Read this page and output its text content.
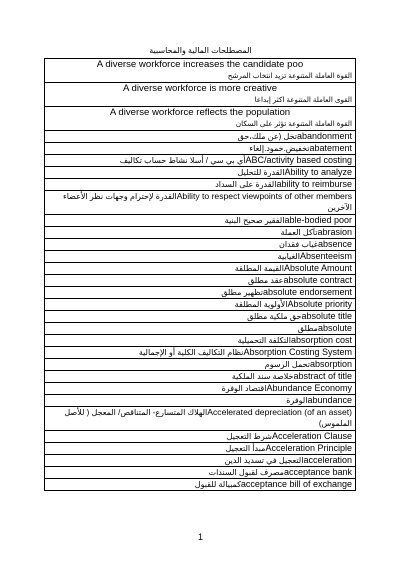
المصطلحات المالية والمحاسبية
A diverse workforce increases the candidate poo
القوة العاملة المتنوعة تزيد انتخاب المرشح
A diverse workforce is more creative
القوى العاملة المتنوعة اكثر إبداعا
A diverse workforce reflects the population
القوة العاملة المتنوعة تؤثر على السكان
abandonmentتخل (عن ملك،حق
abatementتخفيض.خمود.إلغاء
ABC/activity based costingأي بي سي / أسلا نشاط حساب تكاليف
Ability to analyzeالقدرة للتحليل
ability to reimburseالقدرة على السداد
Ability to respect viewpoints of other membersالقدرة لإحترام وجهات نظر الأعضاء الآخرين
able-bodied poorالفقير صحيح البنية
abrasionتآكل العملة
absenceغياب فقدان
Absenteeismالغيابية
Absolute Amountالقيمة المطلقة
absolute contractعقد مطلق
absolute endorsementتظهير مطلق
Absolute priorityالأولوية المطلقة
absolute titleحق ملكية مطلق
absoluteمطلق
absorption costالتكلفة التحميلية
Absorption Costing Systemنظام التكاليف الكلية أو الإجمالية
absorptionتحمل الرسوم
abstract of titleخلاصة سند الملكية
Abundance Economyاقتصاد الوفرة
abundanceالوفرة
Accelerated depreciation (of an asset)الهلاك المتسارع- المتناقص/ المعجل ( للأصل الملموس)
Acceleration Clauseشرط التعجيل
Acceleration Principleمبدأ التعجيل
accelerationالتعجيل في تسديد الدين
acceptance bankمصرف لقبول السندات
acceptance bill of exchangeكمبيالة للقبول
1
